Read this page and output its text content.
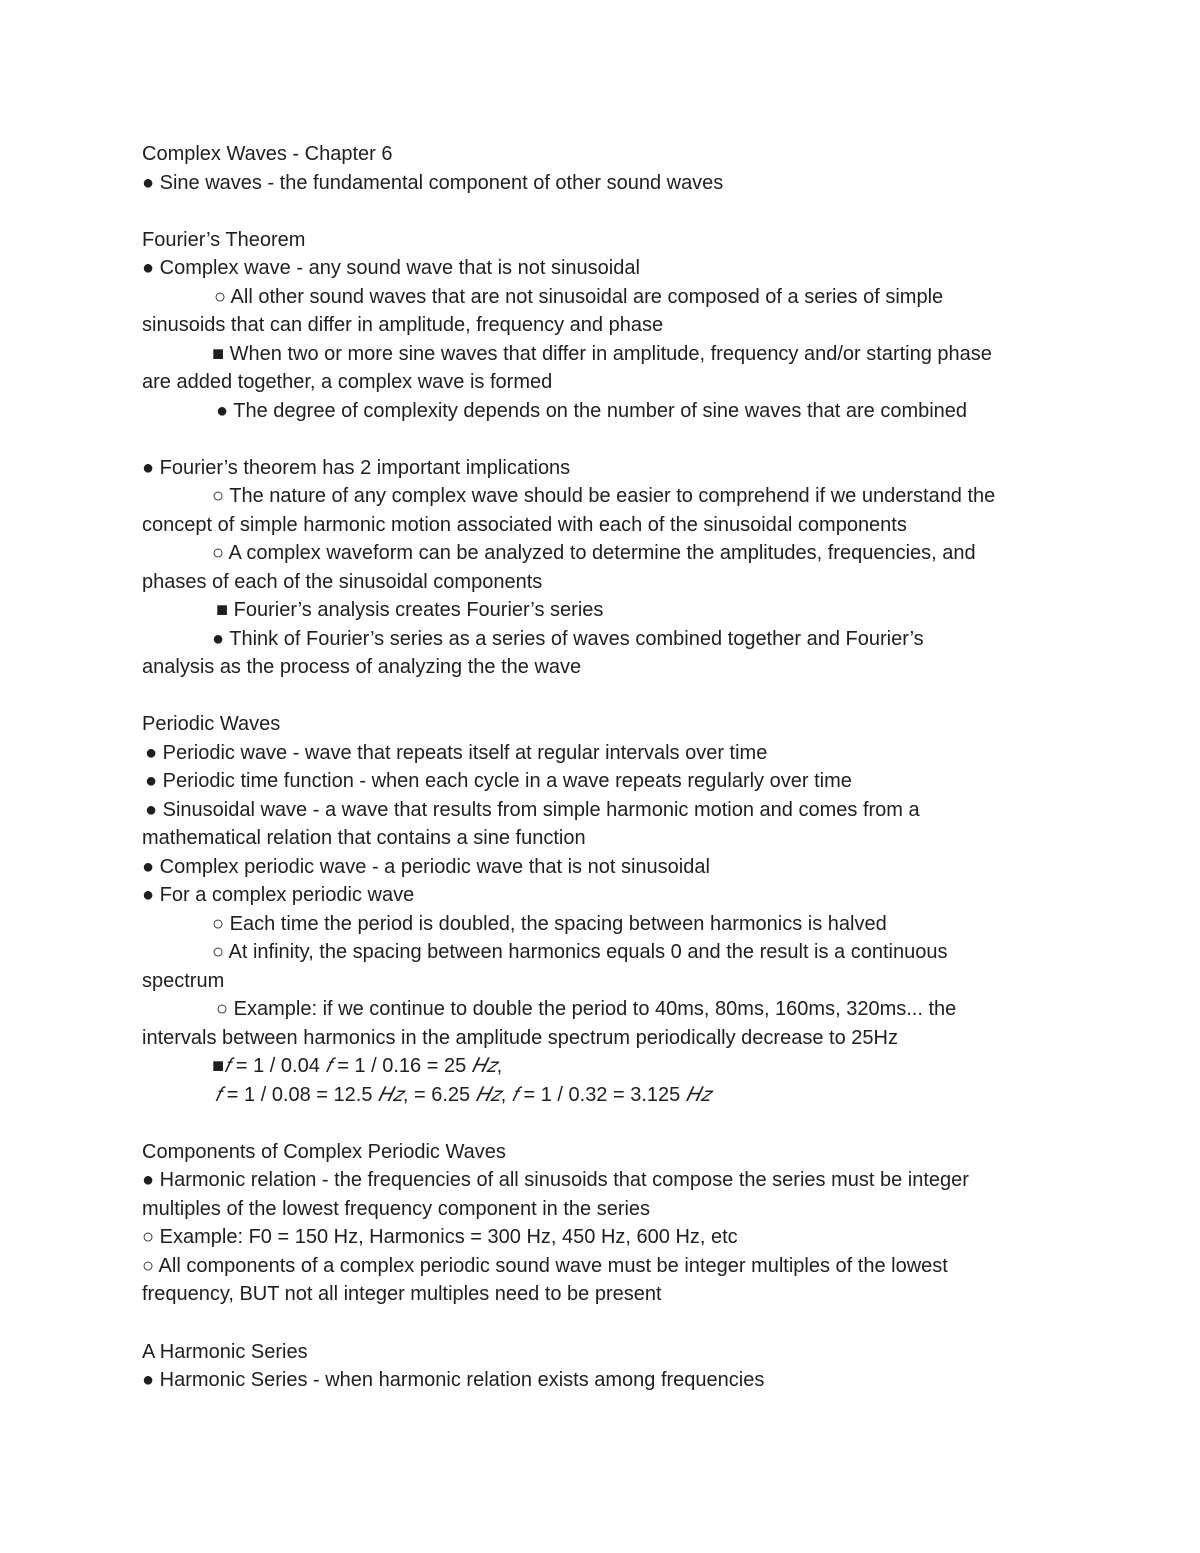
Complex Waves - Chapter 6

● Sine waves - the fundamental component of other sound waves

Fourier’s Theorem

● Complex wave - any sound wave that is not sinusoidal

○ All other sound waves that are not sinusoidal are composed of a series of simple

sinusoids that can differ in amplitude, frequency and phase

■ When two or more sine waves that differ in amplitude, frequency and/or starting phase

are added together, a complex wave is formed

● The degree of complexity depends on the number of sine waves that are combined

● Fourier’s theorem has 2 important implications

○ The nature of any complex wave should be easier to comprehend if we understand the

concept of simple harmonic motion associated with each of the sinusoidal components

○ A complex waveform can be analyzed to determine the amplitudes, frequencies, and

phases of each of the sinusoidal components

■ Fourier’s analysis creates Fourier’s series

● Think of Fourier’s series as a series of waves combined together and Fourier’s

analysis as the process of analyzing the the wave

Periodic Waves

● Periodic wave - wave that repeats itself at regular intervals over time

● Periodic time function - when each cycle in a wave repeats regularly over time

● Sinusoidal wave - a wave that results from simple harmonic motion and comes from a

mathematical relation that contains a sine function

● Complex periodic wave - a periodic wave that is not sinusoidal

● For a complex periodic wave

○ Each time the period is doubled, the spacing between harmonics is halved

○ At infinity, the spacing between harmonics equals 0 and the result is a continuous

spectrum

○ Example: if we continue to double the period to 40ms, 80ms, 160ms, 320ms... the

intervals between harmonics in the amplitude spectrum periodically decrease to 25Hz

■𝑓 = 1 / 0.04 𝑓 = 1 / 0.16 = 25 𝐻𝑧,

𝑓 = 1 / 0.08 = 12.5 𝐻𝑧, = 6.25 𝐻𝑧, 𝑓 = 1 / 0.32 = 3.125 𝐻𝑧

Components of Complex Periodic Waves

● Harmonic relation - the frequencies of all sinusoids that compose the series must be integer

multiples of the lowest frequency component in the series

○ Example: F0 = 150 Hz, Harmonics = 300 Hz, 450 Hz, 600 Hz, etc

○ All components of a complex periodic sound wave must be integer multiples of the lowest

frequency, BUT not all integer multiples need to be present

A Harmonic Series

● Harmonic Series - when harmonic relation exists among frequencies
